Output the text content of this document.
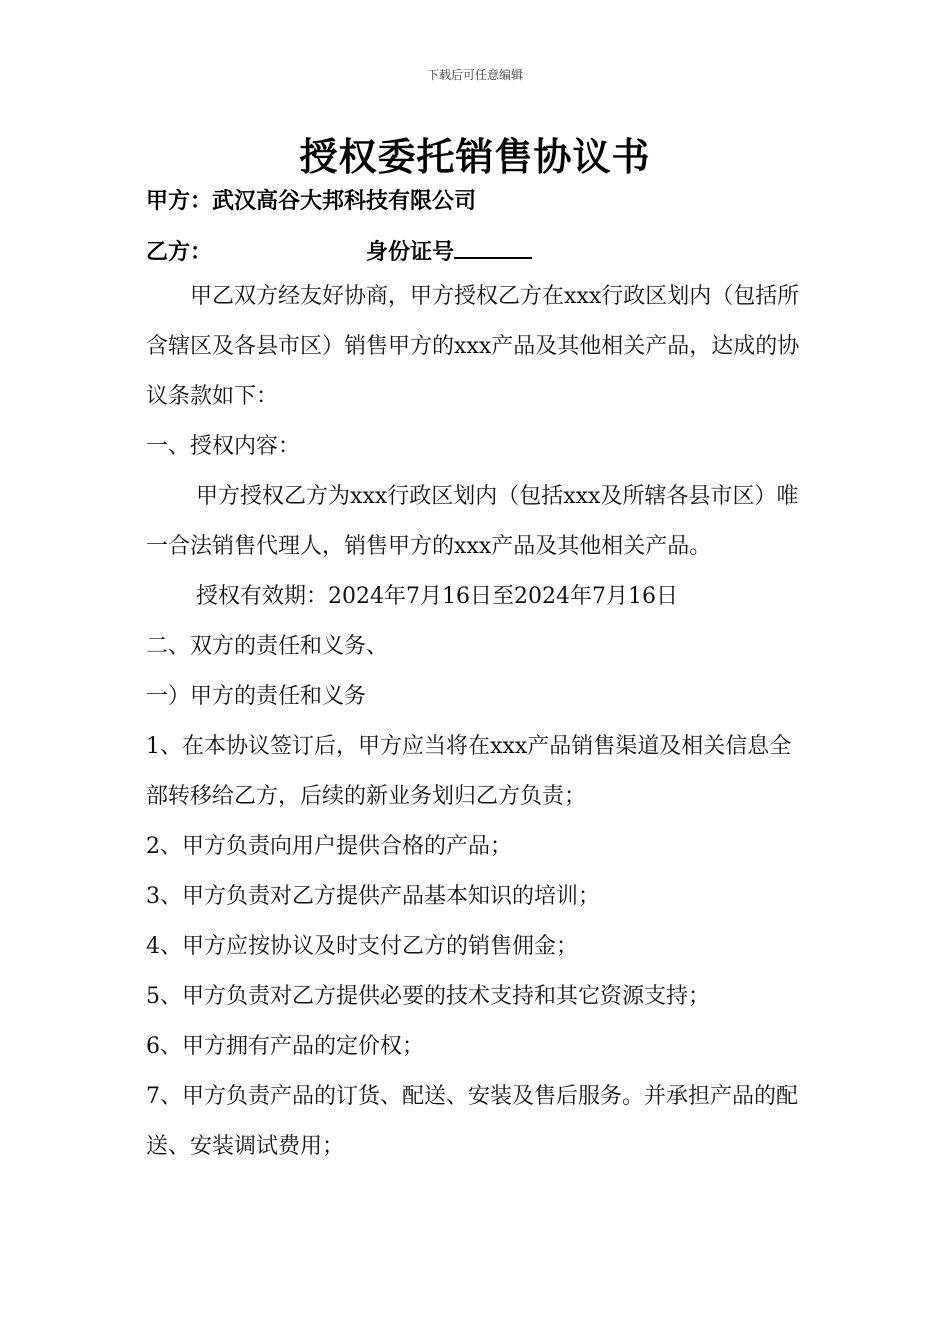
下载后可任意编辑
授权委托销售协议书
甲方：武汉高谷大邦科技有限公司
乙方：	身份证号

甲乙双方经友好协商，甲方授权乙方在xxx行政区划内（包括所含辖区及各县市区）销售甲方的xxx产品及其他相关产品，达成的协议条款如下：

一、授权内容：

甲方授权乙方为xxx行政区划内（包括xxx及所辖各县市区）唯一合法销售代理人，销售甲方的xxx产品及其他相关产品。

授权有效期：2024年7月16日至2024年7月16日

二、双方的责任和义务、

一）甲方的责任和义务

1、在本协议签订后，甲方应当将在xxx产品销售渠道及相关信息全部转移给乙方，后续的新业务划归乙方负责；

2、甲方负责向用户提供合格的产品；

3、甲方负责对乙方提供产品基本知识的培训；

4、甲方应按协议及时支付乙方的销售佣金；

5、甲方负责对乙方提供必要的技术支持和其它资源支持；

6、甲方拥有产品的定价权；

7、甲方负责产品的订货、配送、安装及售后服务。并承担产品的配送、安装调试费用；
